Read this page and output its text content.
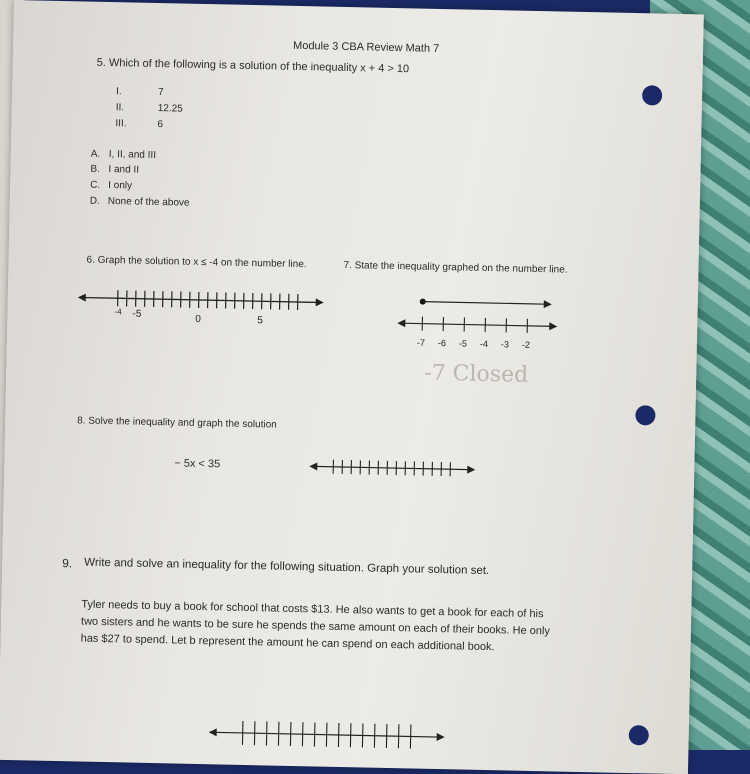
Module 3 CBA Review Math 7
5. Which of the following is a solution of the inequality x + 4 > 10
I.	7
II.	12.25
III.	6
A. I, II, and III
B. I and II
C. I only
D. None of the above
6. Graph the solution to x ≤ -4 on the number line.	7. State the inequality graphed on the number line.
-4 -5	0	5
-7 -6 -5 -4 -3 -2
-7 Closed
8. Solve the inequality and graph the solution
− 5x < 35
9. Write and solve an inequality for the following situation. Graph your solution set.
Tyler needs to buy a book for school that costs $13. He also wants to get a book for each of his
two sisters and he wants to be sure he spends the same amount on each of their books. He only
has $27 to spend. Let b represent the amount he can spend on each additional book.
